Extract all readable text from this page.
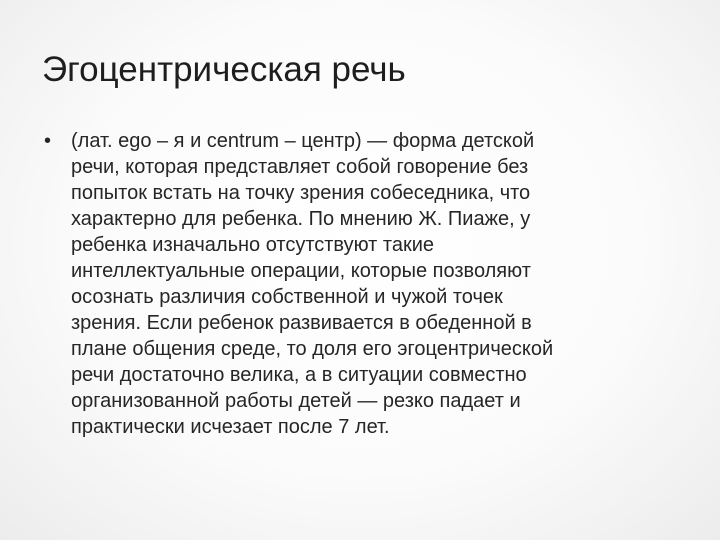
Эгоцентрическая речь
• (лат. ego – я и centrum – центр) — форма детской
речи, которая представляет собой говорение без
попыток встать на точку зрения собеседника, что
характерно для ребенка. По мнению Ж. Пиаже, у
ребенка изначально отсутствуют такие
интеллектуальные операции, которые позволяют
осознать различия собственной и чужой точек
зрения. Если ребенок развивается в обеденной в
плане общения среде, то доля его эгоцентрической
речи достаточно велика, а в ситуации совместно
организованной работы детей — резко падает и
практически исчезает после 7 лет.
